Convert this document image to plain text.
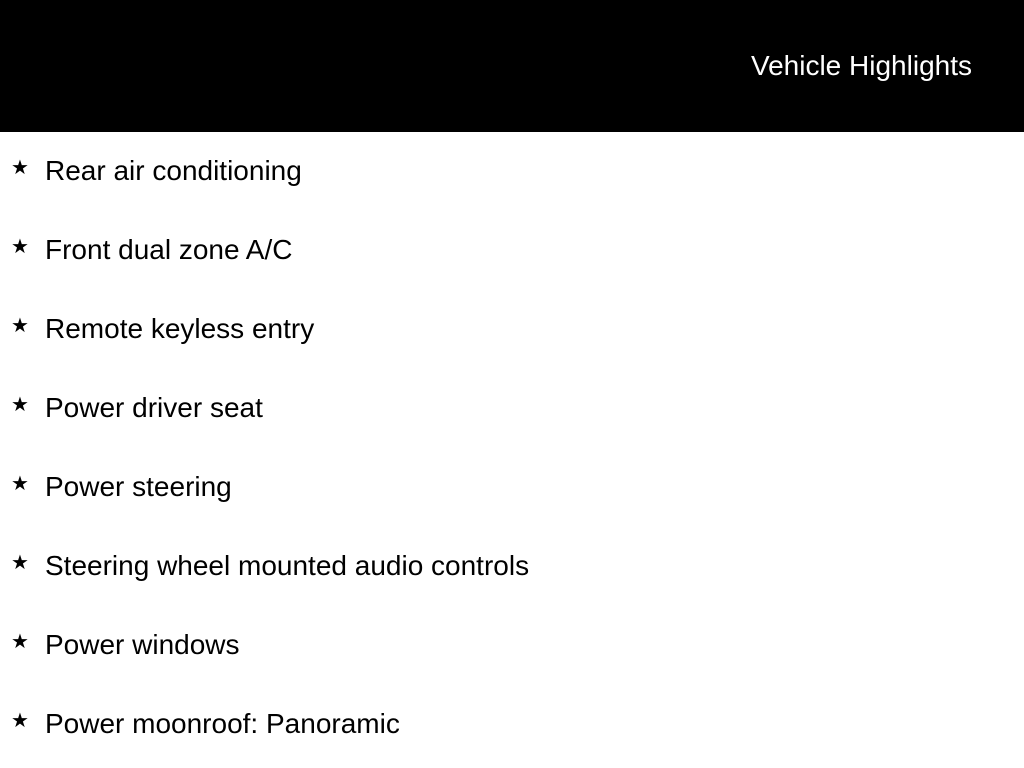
Vehicle Highlights
★ Rear air conditioning
★ Front dual zone A/C
★ Remote keyless entry
★ Power driver seat
★ Power steering
★ Steering wheel mounted audio controls
★ Power windows
★ Power moonroof: Panoramic
